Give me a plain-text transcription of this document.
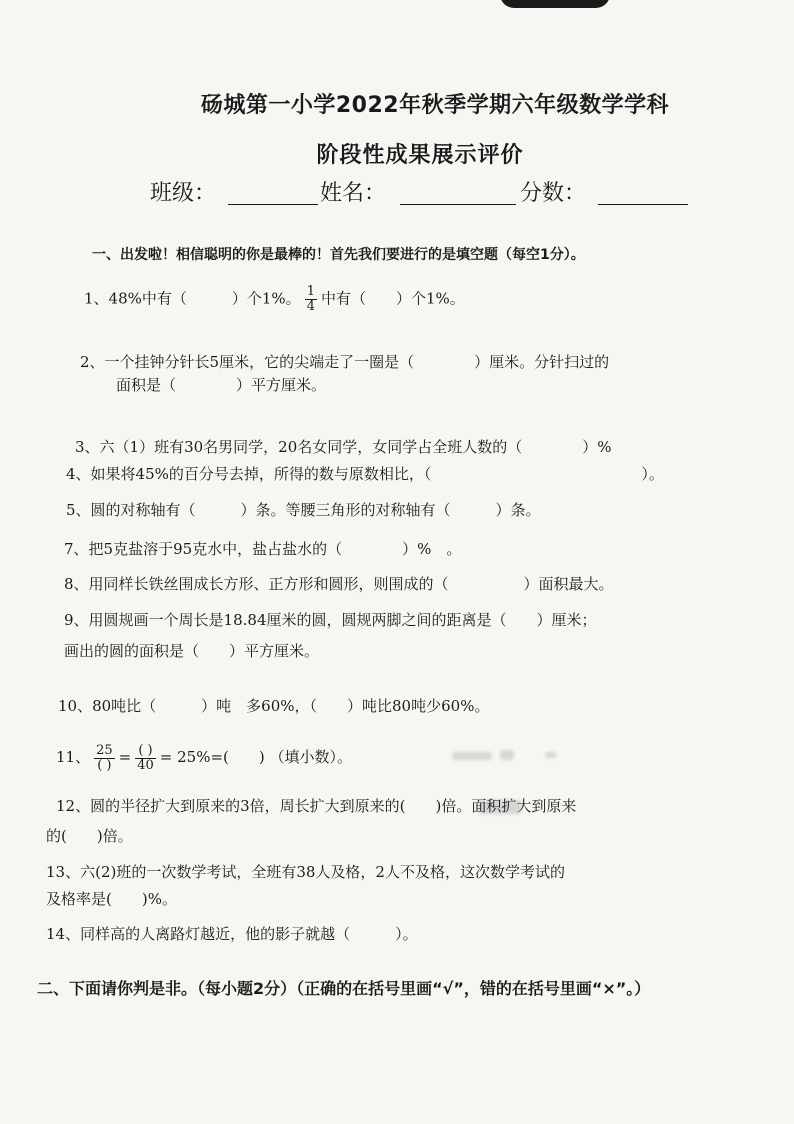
砀城第一小学2022年秋季学期六年级数学学科
阶段性成果展示评价
班级：	姓名：	分数：
一、出发啦！相信聪明的你是最棒的！首先我们要进行的是填空题（每空1分）。
1、48%中有（　　　）个1%。 $\frac{1}{4}$ 中有（　　）个1%。
2、一个挂钟分针长5厘米，它的尖端走了一圈是（　　　　）厘米。分针扫过的
面积是（　　　　）平方厘米。
3、六（1）班有30名男同学，20名女同学，女同学占全班人数的（　　　　）%
4、如果将45%的百分号去掉，所得的数与原数相比，（　　　　　　　　　　　　　　）。
5、圆的对称轴有（　　　）条。等腰三角形的对称轴有（　　　）条。
7、把5克盐溶于95克水中，盐占盐水的（　　　　）%　。
8、用同样长铁丝围成长方形、正方形和圆形，则围成的（　　　　　）面积最大。
9、用圆规画一个周长是18.84厘米的圆，圆规两脚之间的距离是（　　）厘米；
画出的圆的面积是（　　）平方厘米。
10、80吨比（　　　）吨　多60%，（　　）吨比80吨少60%。
11、 $\frac{25}{( )} = \frac{( )}{40} = 25\%=$(　　) （填小数）。
12、圆的半径扩大到原来的3倍，周长扩大到原来的(　　)倍。面积扩大到原来
的(　　)倍。
13、六(2)班的一次数学考试，全班有38人及格，2人不及格，这次数学考试的
及格率是(　　)%。
14、同样高的人离路灯越近，他的影子就越（　　　）。
二、下面请你判是非。（每小题2分）（正确的在括号里画“√”，错的在括号里画“×”。）
